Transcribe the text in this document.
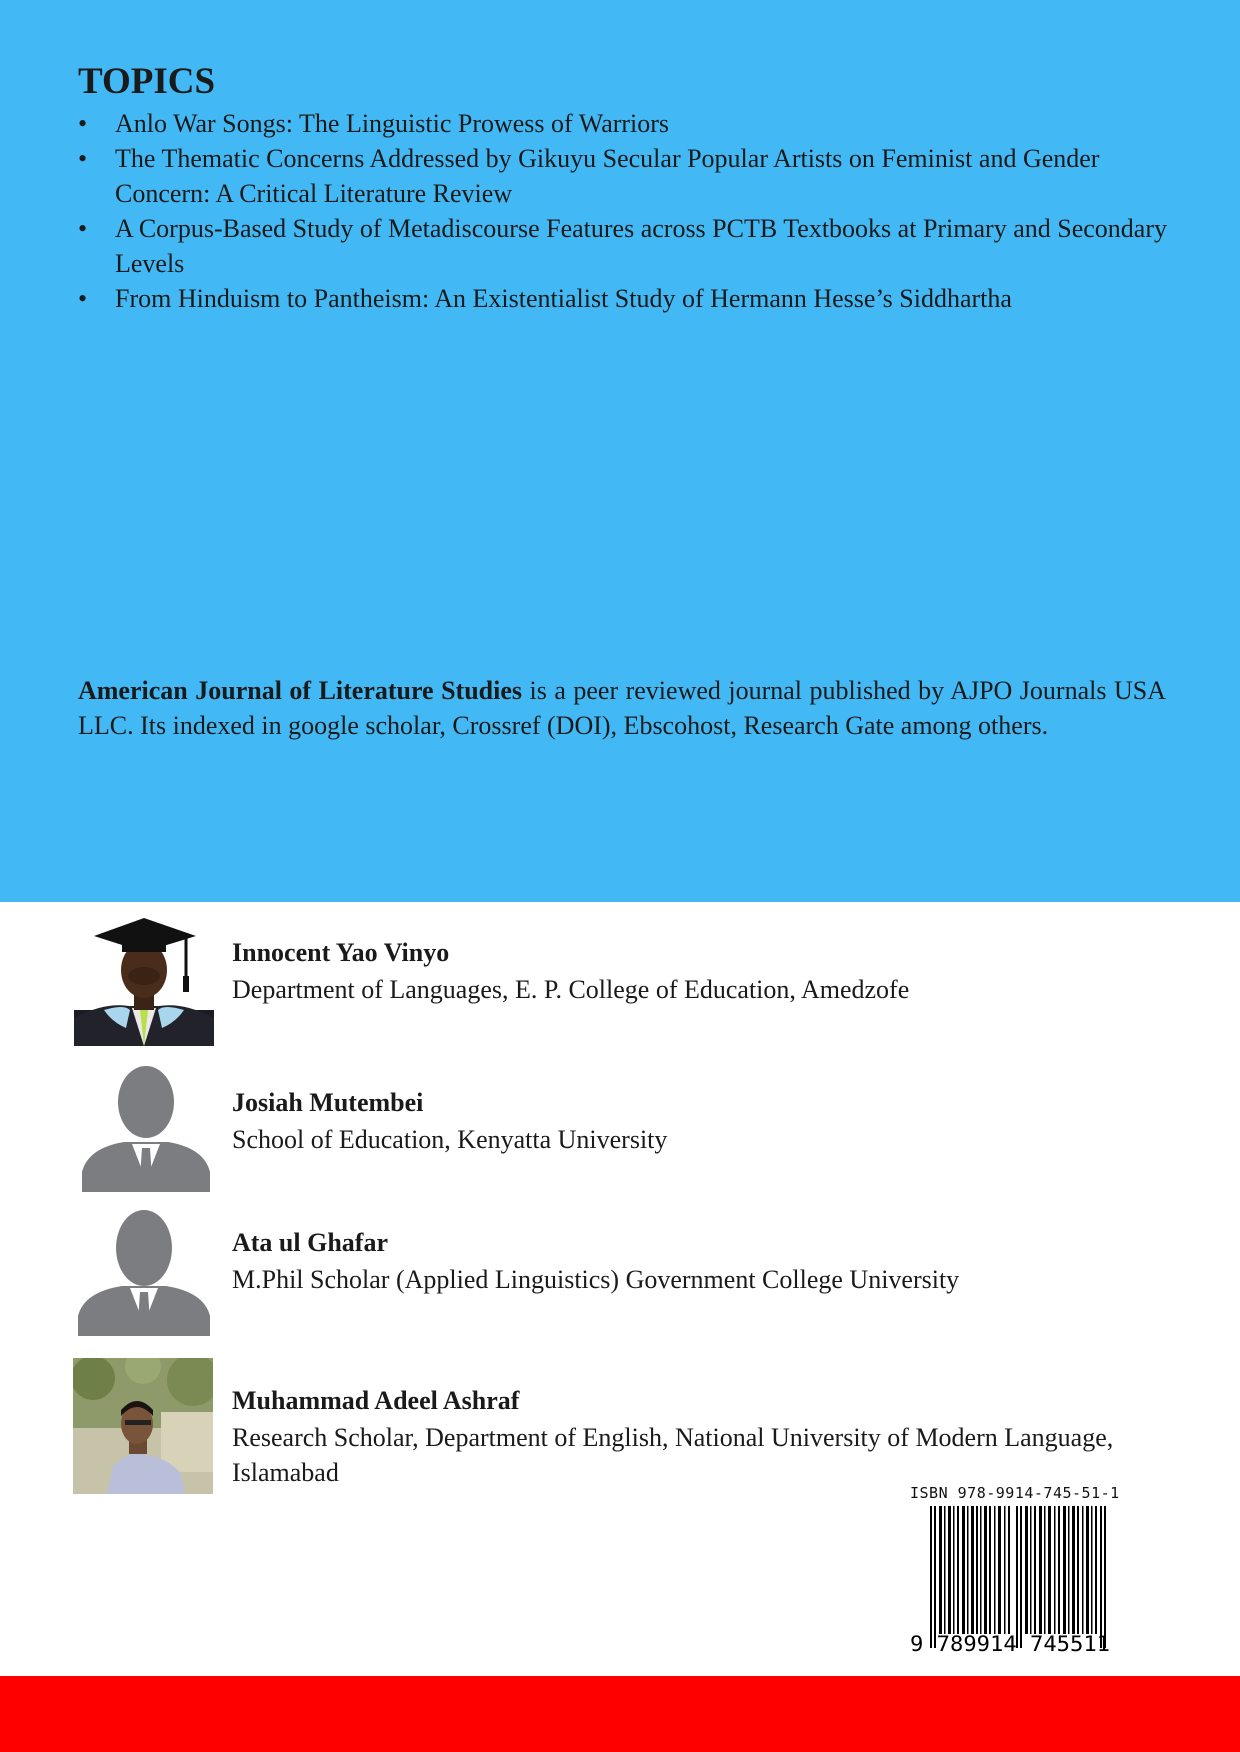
TOPICS
• Anlo War Songs: The Linguistic Prowess of Warriors
• The Thematic Concerns Addressed by Gikuyu Secular Popular Artists on Feminist and Gender Concern: A Critical Literature Review
• A Corpus-Based Study of Metadiscourse Features across PCTB Textbooks at Primary and Secondary Levels
• From Hinduism to Pantheism: An Existentialist Study of Hermann Hesse’s Siddhartha

American Journal of Literature Studies is a peer reviewed journal published by AJPO Journals USA LLC. Its indexed in google scholar, Crossref (DOI), Ebscohost, Research Gate among others.

Innocent Yao Vinyo
Department of Languages, E. P. College of Education, Amedzofe
Josiah Mutembei
School of Education, Kenyatta University
Ata ul Ghafar
M.Phil Scholar (Applied Linguistics) Government College University
Muhammad Adeel Ashraf
Research Scholar, Department of English, National University of Modern Language, Islamabad
ISBN 978-9914-745-51-1
9 789914 745511
